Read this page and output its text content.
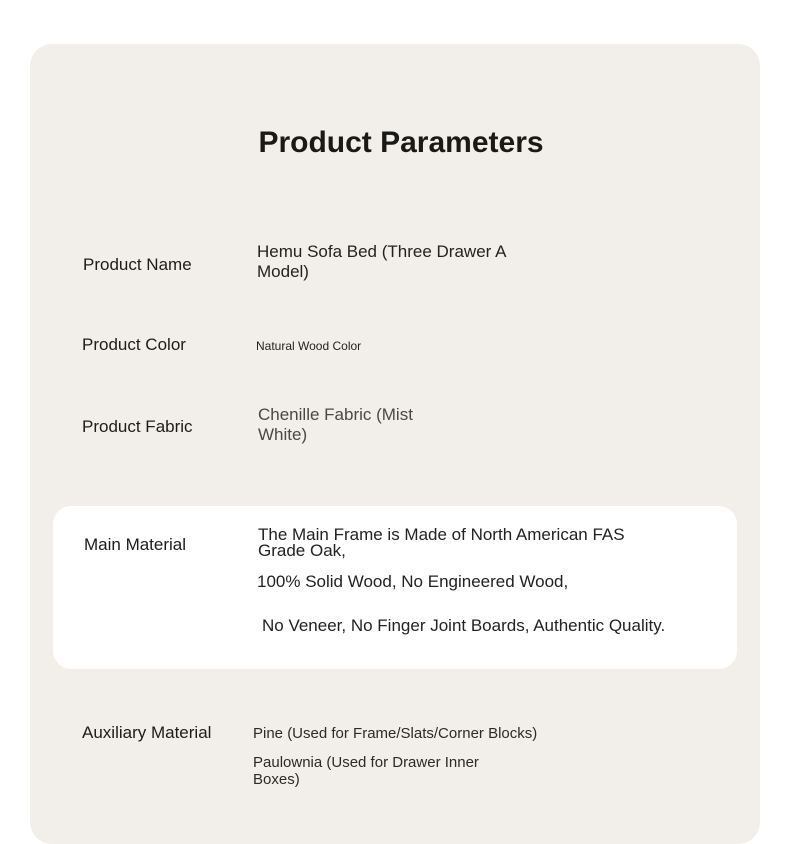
Product Parameters
Product Name
Hemu Sofa Bed (Three Drawer A
Model)
Product Color	Natural Wood Color
Product Fabric
Chenille Fabric (Mist
White)
Main Material
The Main Frame is Made of North American FAS
Grade Oak,
100% Solid Wood, No Engineered Wood,
No Veneer, No Finger Joint Boards, Authentic Quality.
Auxiliary Material	Pine (Used for Frame/Slats/Corner Blocks)
Paulownia (Used for Drawer Inner
Boxes)
